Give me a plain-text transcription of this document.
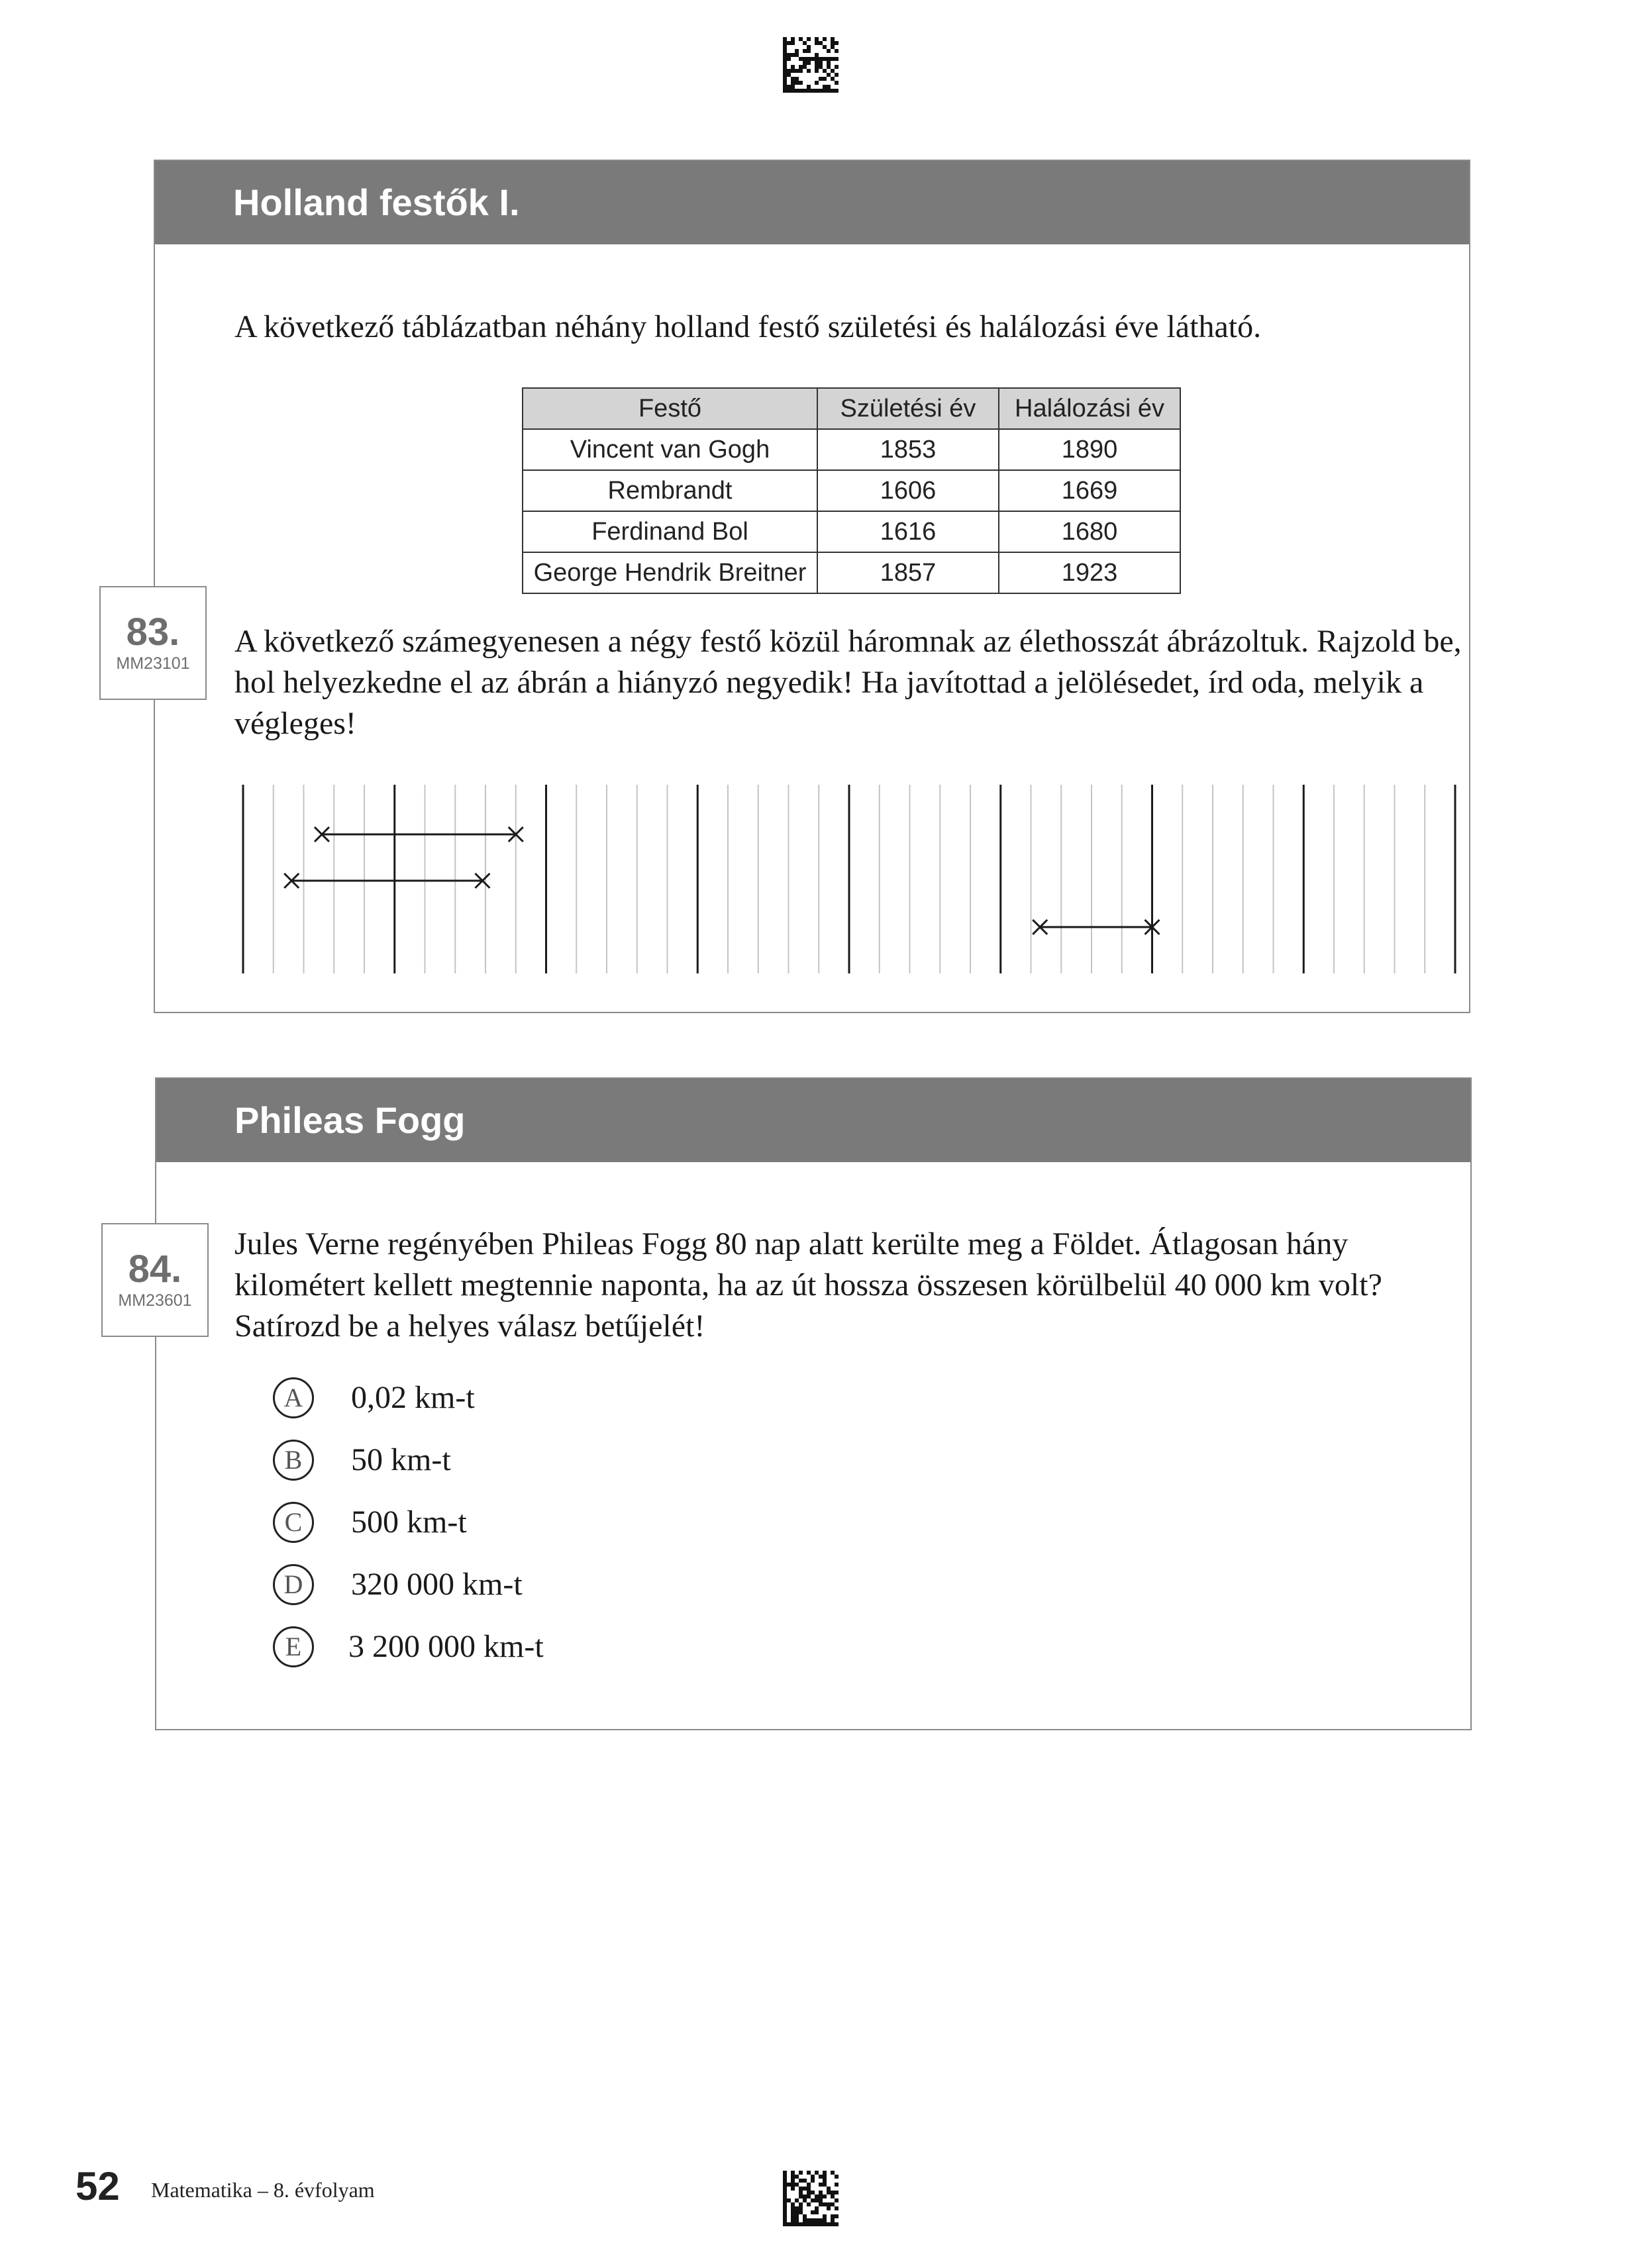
Holland festők I.
83.
MM23101

A következő táblázatban néhány holland festő születési és halálozási éve látható.

Festő	Születési év	Halálozási év
Vincent van Gogh	1853	1890
Rembrandt	1606	1669
Ferdinand Bol	1616	1680
George Hendrik Breitner	1857	1923

A következő számegyenesen a négy festő közül háromnak az élethosszát ábrázoltuk. Rajzold be, hol helyezkedne el az ábrán a hiányzó negyedik! Ha javítottad a jelölésedet, írd oda, melyik a végleges!

Phileas Fogg
84.
MM23601

Jules Verne regényében Phileas Fogg 80 nap alatt kerülte meg a Földet. Átlagosan hány kilométert kellett megtennie naponta, ha az út hossza összesen körülbelül 40 000 km volt? Satírozd be a helyes válasz betűjelét!

A	0,02 km-t
B	50 km-t
C	500 km-t
D	320 000 km-t
E	3 200 000 km-t
52 Matematika – 8. évfolyam
